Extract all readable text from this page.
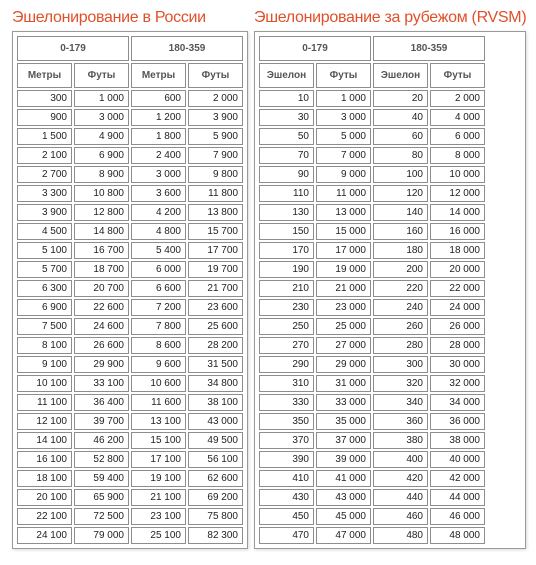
Эшелонирование в России
0-179		180-359	
Метры	Футы	Метры	Футы
300	1 000	600	2 000
900	3 000	1 200	3 900
1 500	4 900	1 800	5 900
2 100	6 900	2 400	7 900
2 700	8 900	3 000	9 800
3 300	10 800	3 600	11 800
3 900	12 800	4 200	13 800
4 500	14 800	4 800	15 700
5 100	16 700	5 400	17 700
5 700	18 700	6 000	19 700
6 300	20 700	6 600	21 700
6 900	22 600	7 200	23 600
7 500	24 600	7 800	25 600
8 100	26 600	8 600	28 200
9 100	29 900	9 600	31 500
10 100	33 100	10 600	34 800
11 100	36 400	11 600	38 100
12 100	39 700	13 100	43 000
14 100	46 200	15 100	49 500
16 100	52 800	17 100	56 100
18 100	59 400	19 100	62 600
20 100	65 900	21 100	69 200
22 100	72 500	23 100	75 800
24 100	79 000	25 100	82 300
Эшелонирование за рубежом (RVSM)
0-179		180-359	
Эшелон	Футы	Эшелон	Футы
10	1 000	20	2 000
30	3 000	40	4 000
50	5 000	60	6 000
70	7 000	80	8 000
90	9 000	100	10 000
110	11 000	120	12 000
130	13 000	140	14 000
150	15 000	160	16 000
170	17 000	180	18 000
190	19 000	200	20 000
210	21 000	220	22 000
230	23 000	240	24 000
250	25 000	260	26 000
270	27 000	280	28 000
290	29 000	300	30 000
310	31 000	320	32 000
330	33 000	340	34 000
350	35 000	360	36 000
370	37 000	380	38 000
390	39 000	400	40 000
410	41 000	420	42 000
430	43 000	440	44 000
450	45 000	460	46 000
470	47 000	480	48 000
